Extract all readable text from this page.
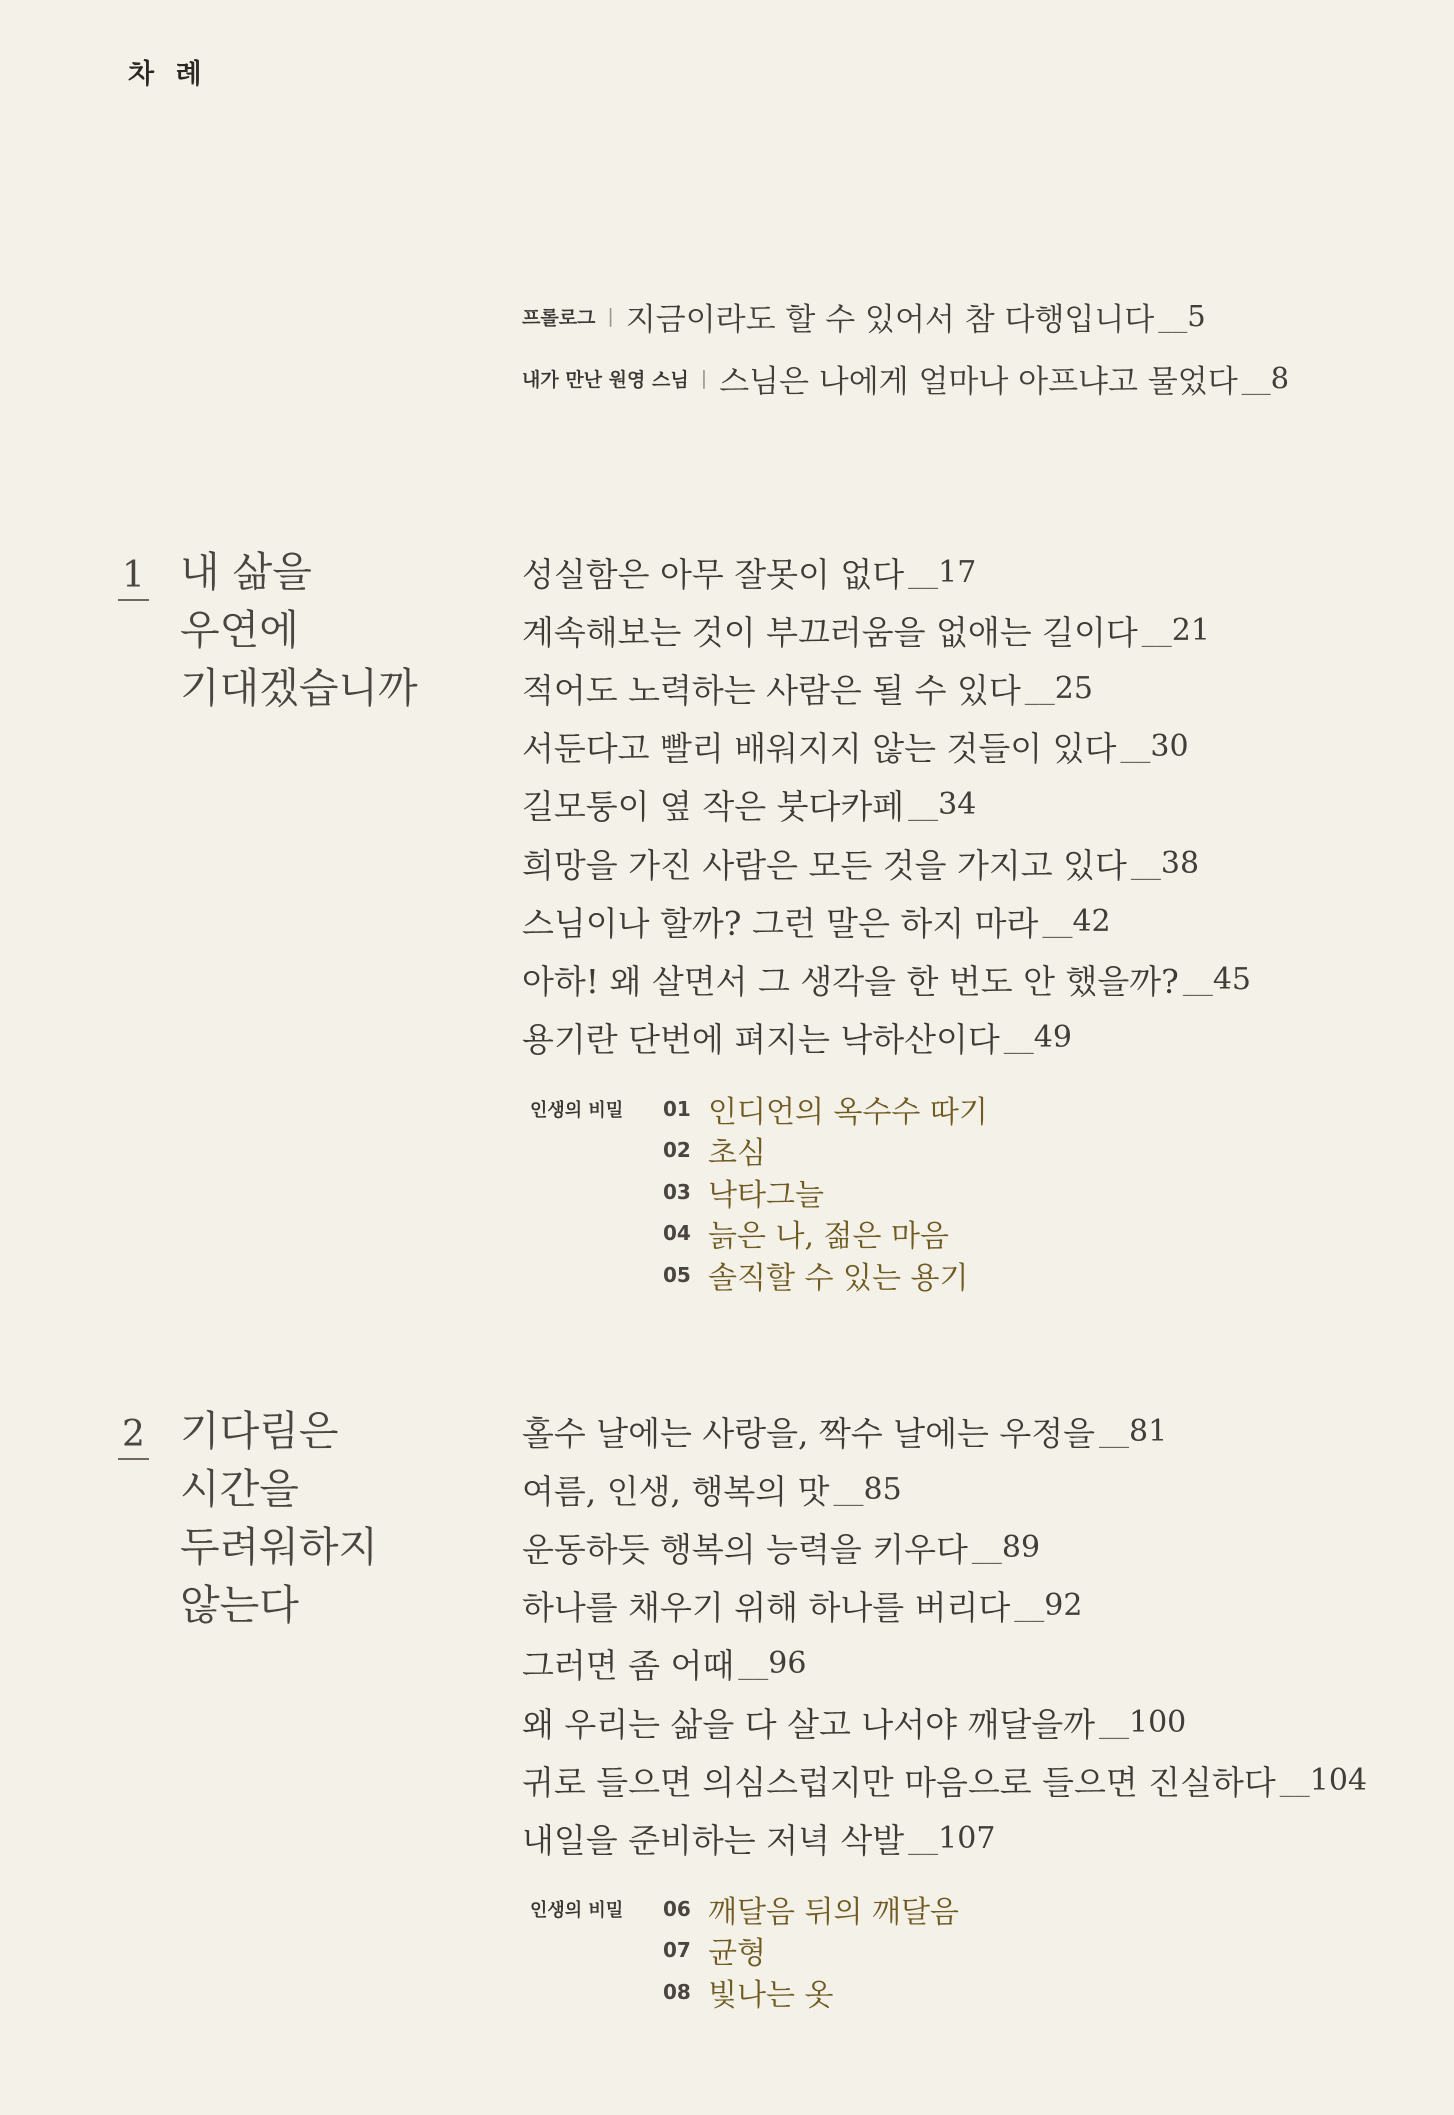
차 례
프롤로그 | 지금이라도 할 수 있어서 참 다행입니다 __5
내가 만난 원영 스님 | 스님은 나에게 얼마나 아프냐고 물었다 __8
1 내 삶을
우연에
기대겠습니까
성실함은 아무 잘못이 없다 __17
계속해보는 것이 부끄러움을 없애는 길이다 __21
적어도 노력하는 사람은 될 수 있다 __25
서둔다고 빨리 배워지지 않는 것들이 있다 __30
길모퉁이 옆 작은 붓다카페 __34
희망을 가진 사람은 모든 것을 가지고 있다 __38
스님이나 할까? 그런 말은 하지 마라 __42
아하! 왜 살면서 그 생각을 한 번도 안 했을까? __45
용기란 단번에 펴지는 낙하산이다 __49
인생의 비밀	01 인디언의 옥수수 따기
02 초심
03 낙타그늘
04 늙은 나, 젊은 마음
05 솔직할 수 있는 용기
2 기다림은
시간을
두려워하지
않는다
홀수 날에는 사랑을, 짝수 날에는 우정을 __81
여름, 인생, 행복의 맛 __85
운동하듯 행복의 능력을 키우다 __89
하나를 채우기 위해 하나를 버리다 __92
그러면 좀 어때 __96
왜 우리는 삶을 다 살고 나서야 깨달을까 __100
귀로 들으면 의심스럽지만 마음으로 들으면 진실하다 __104
내일을 준비하는 저녁 삭발 __107
인생의 비밀	06 깨달음 뒤의 깨달음
07 균형
08 빛나는 옷
